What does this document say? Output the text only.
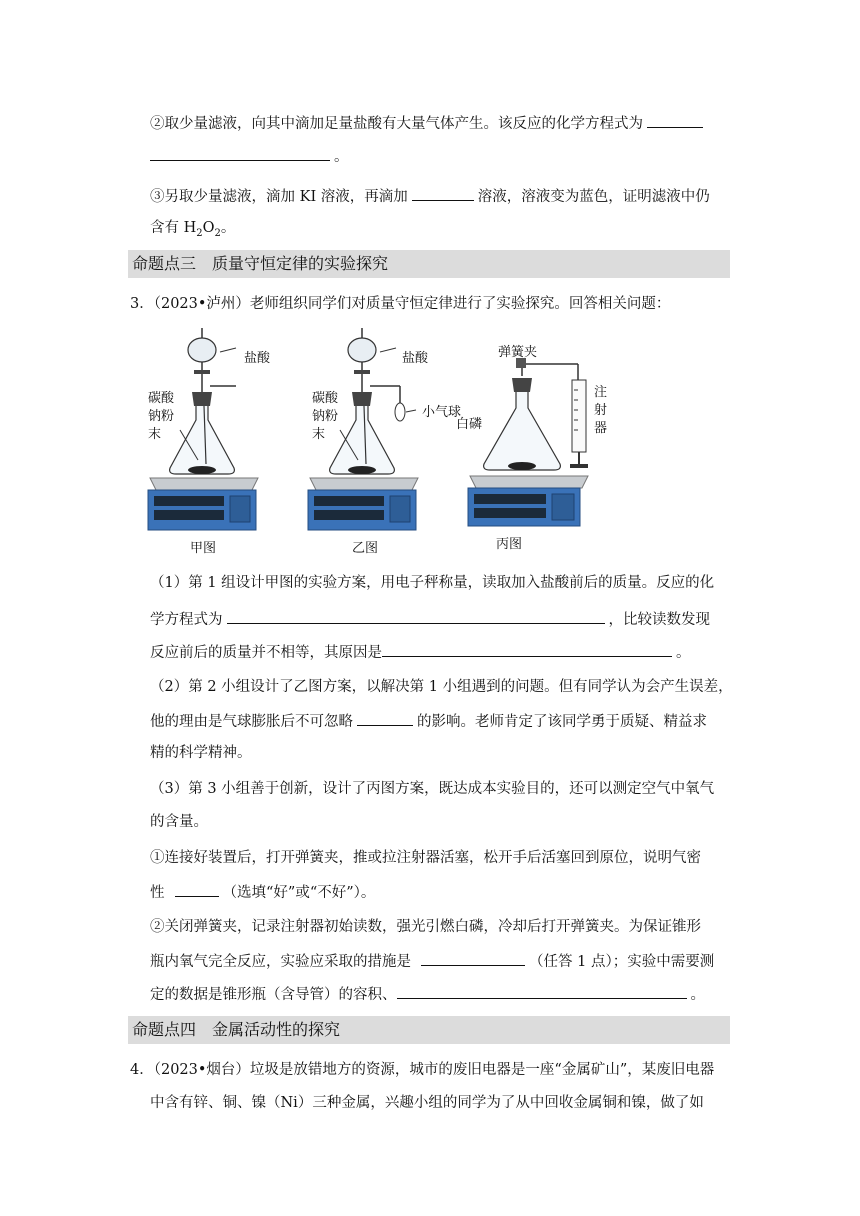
②取少量滤液，向其中滴加足量盐酸有大量气体产生。该反应的化学方程式为
。
③另取少量滤液，滴加 KI 溶液，再滴加	溶液，溶液变为蓝色，证明滤液中仍
含有 $H_2O_2$。
命题点三　质量守恒定律的实验探究
3．（2023•泸州）老师组织同学们对质量守恒定律进行了实验探究。回答相关问题：
盐酸
碳酸
钠粉
末
甲图
盐酸
小气球
碳酸
钠粉
末
乙图
弹簧夹
白磷
注
射
器
丙图
（1）第 1 组设计甲图的实验方案，用电子秤称量，读取加入盐酸前后的质量。反应的化
学方程式为	，比较读数发现
反应前后的质量并不相等，其原因是	。
（2）第 2 小组设计了乙图方案，以解决第 1 小组遇到的问题。但有同学认为会产生误差，
他的理由是气球膨胀后不可忽略	的影响。老师肯定了该同学勇于质疑、精益求
精的科学精神。
（3）第 3 小组善于创新，设计了丙图方案，既达成本实验目的，还可以测定空气中氧气
的含量。
①连接好装置后，打开弹簧夹，推或拉注射器活塞，松开手后活塞回到原位，说明气密
性	（选填“好”或“不好”）。
②关闭弹簧夹，记录注射器初始读数，强光引燃白磷，冷却后打开弹簧夹。为保证锥形
瓶内氧气完全反应，实验应采取的措施是	（任答 1 点）；实验中需要测
定的数据是锥形瓶（含导管）的容积、	。
命题点四　金属活动性的探究
4．（2023•烟台）垃圾是放错地方的资源，城市的废旧电器是一座“金属矿山”，某废旧电器
中含有锌、铜、镍（Ni）三种金属，兴趣小组的同学为了从中回收金属铜和镍，做了如
